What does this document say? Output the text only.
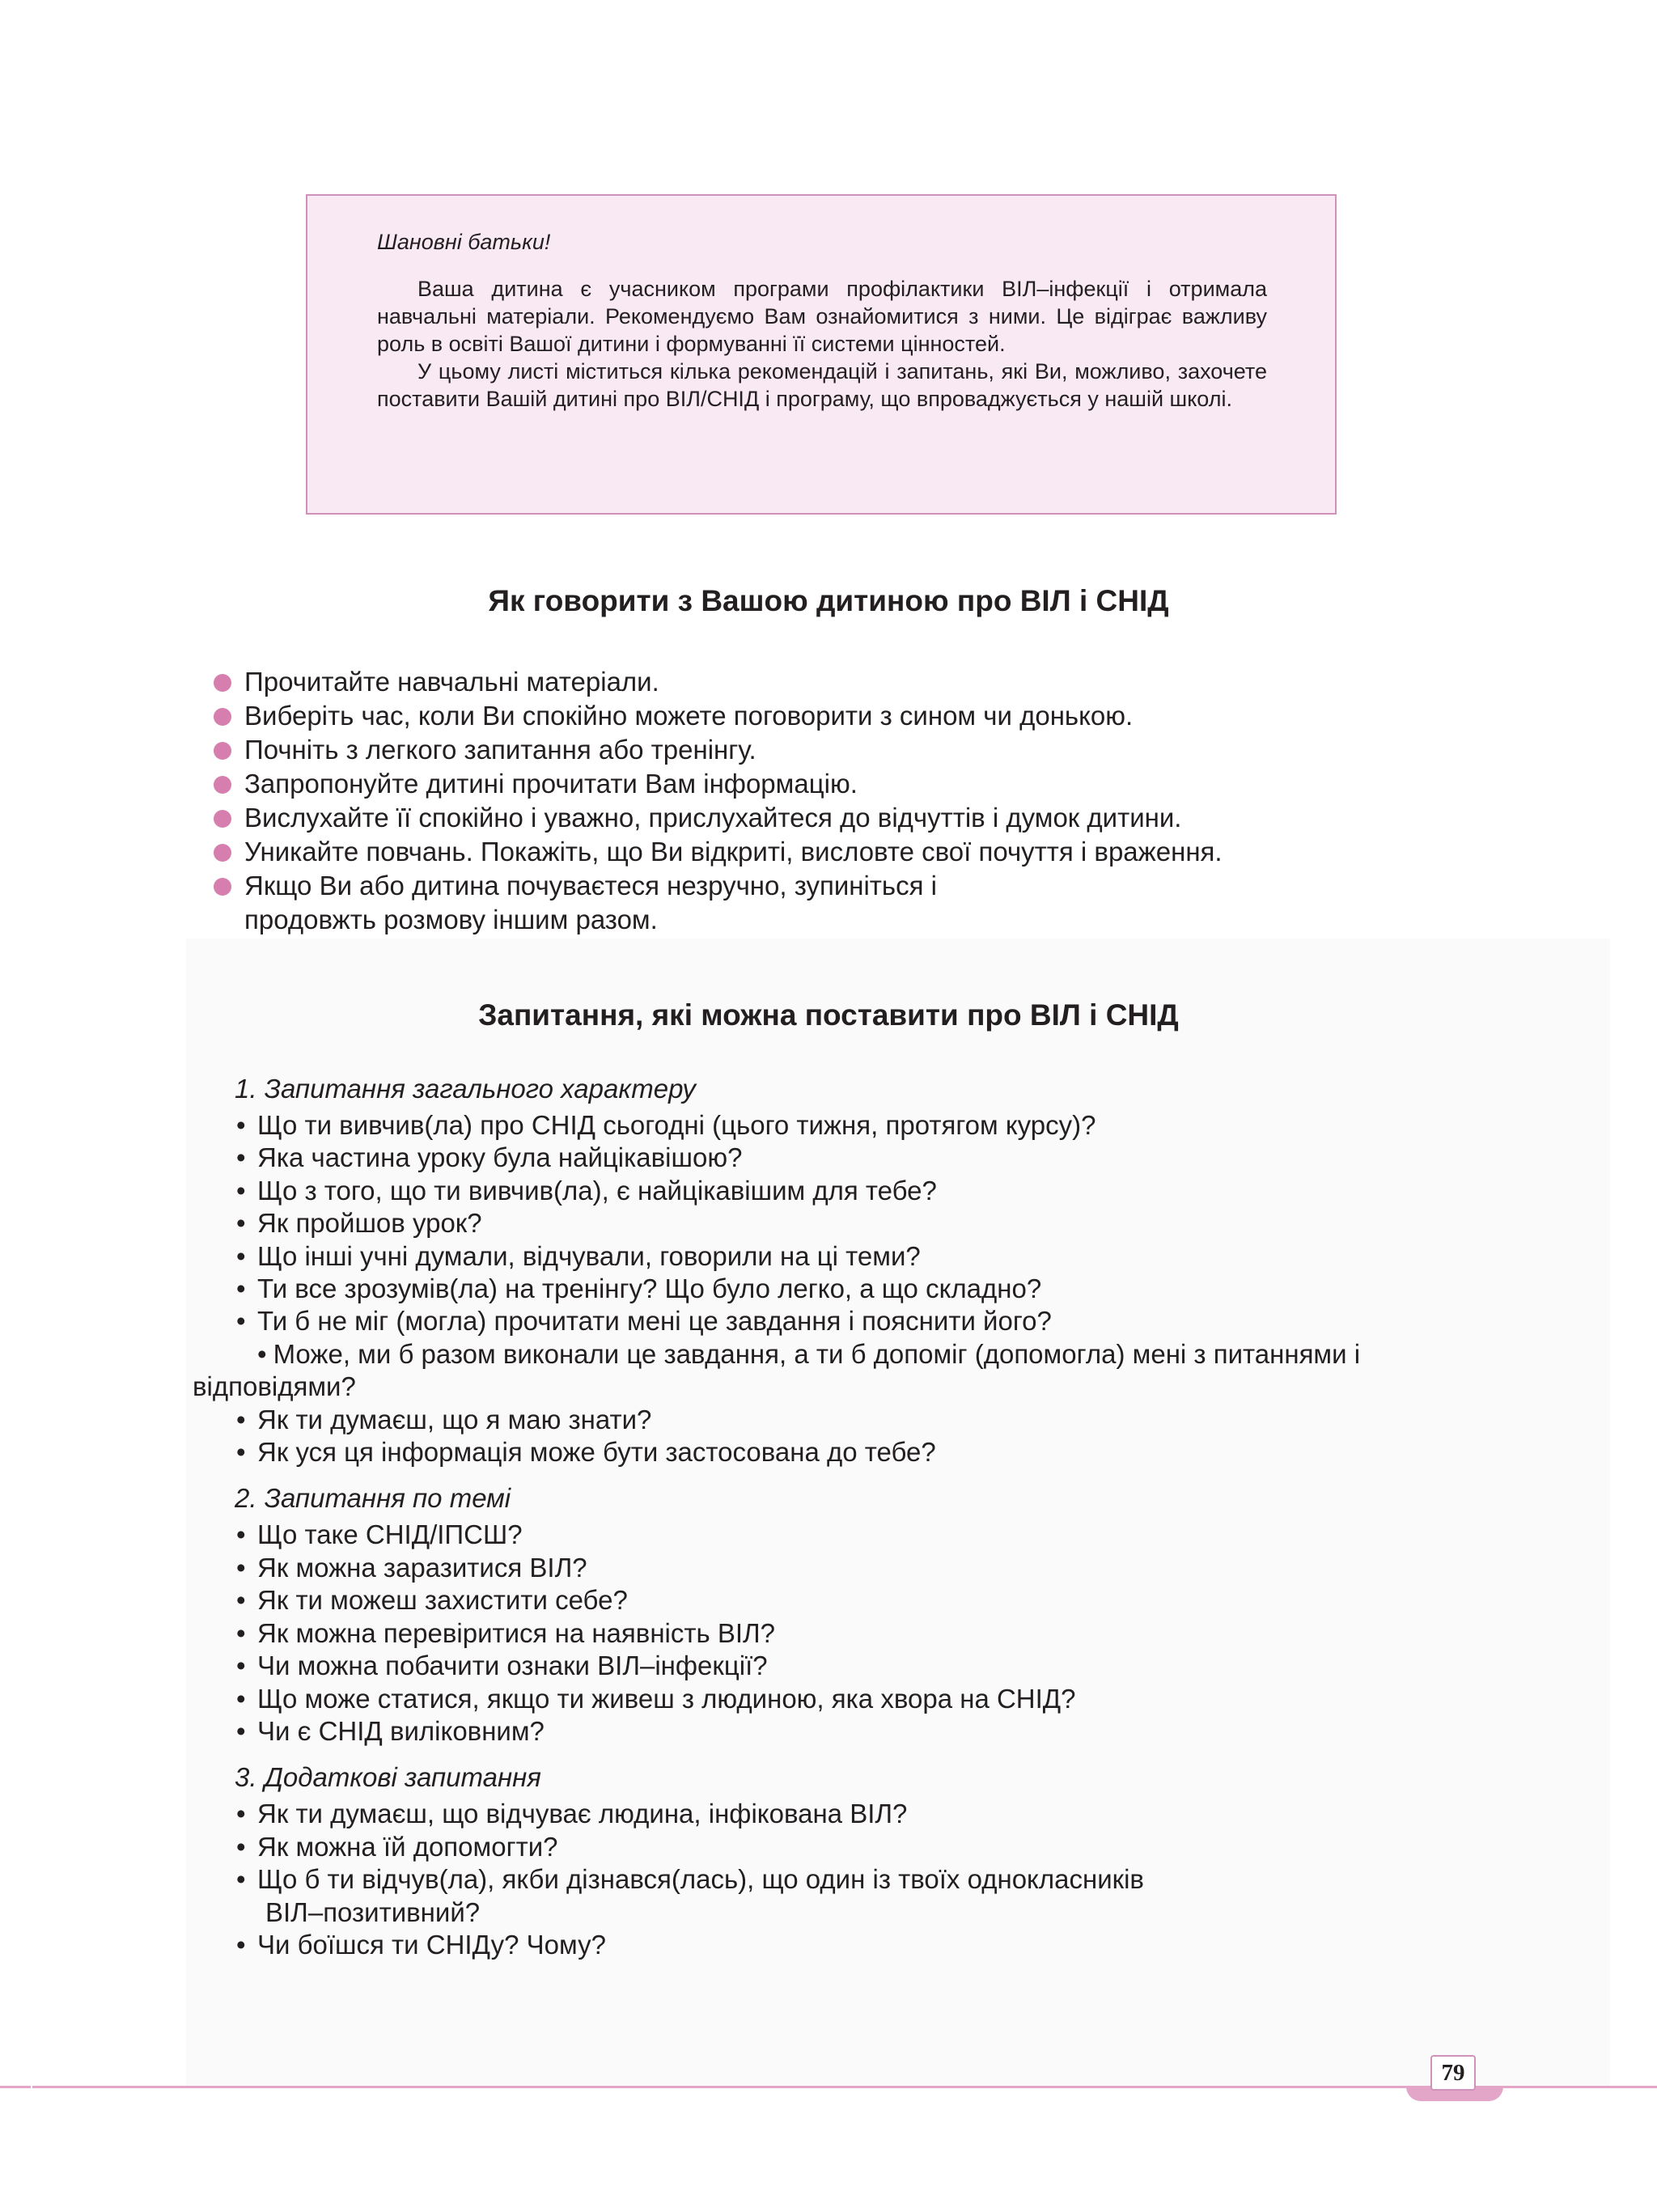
Шановні батьки!

Ваша дитина є учасником програми профілактики ВІЛ–інфекції і отримала навчальні матеріали. Рекомендуємо Вам ознайомитися з ними. Це відіграє важливу роль в освіті Вашої дитини і формуванні її системи цінностей.

У цьому листі міститься кілька рекомендацій і запитань, які Ви, можливо, захочете поставити Вашій дитині про ВІЛ/СНІД і програму, що впроваджується у нашій школі.

Як говорити з Вашою дитиною про ВІЛ і СНІД
Прочитайте навчальні матеріали.
Виберіть час, коли Ви спокійно можете поговорити з сином чи донькою.
Почніть з легкого запитання або тренінгу.
Запропонуйте дитині прочитати Вам інформацію.
Вислухайте її спокійно і уважно, прислухайтеся до відчуттів і думок дитини.
Уникайте повчань. Покажіть, що Ви відкриті, висловте свої почуття і враження.
Якщо Ви або дитина почуваєтеся незручно, зупиніться і продовжть розмову іншим разом.
Запитання, які можна поставити про ВІЛ і СНІД

1. Запитання загального характеру

• Що ти вивчив(ла) про СНІД сьогодні (цього тижня, протягом курсу)?
• Яка частина уроку була найцікавішою?
• Що з того, що ти вивчив(ла), є найцікавішим для тебе?
• Як пройшов урок?
• Що інші учні думали, відчували, говорили на ці теми?
• Ти все зрозумів(ла) на тренінгу? Що було легко, а що складно?
• Ти б не міг (могла) прочитати мені це завдання і пояснити його?
• Може, ми б разом виконали це завдання, а ти б допоміг (допомогла) мені з питаннями і відповідями?
• Як ти думаєш, що я маю знати?
• Як уся ця інформація може бути застосована до тебе?

2. Запитання по темі

• Що таке СНІД/ІПСШ?
• Як можна заразитися ВІЛ?
• Як ти можеш захистити себе?
• Як можна перевіритися на наявність ВІЛ?
• Чи можна побачити ознаки ВІЛ–інфекції?
• Що може статися, якщо ти живеш з людиною, яка хвора на СНІД?
• Чи є СНІД виліковним?

3. Додаткові запитання

• Як ти думаєш, що відчуває людина, інфікована ВІЛ?
• Як можна їй допомогти?
• Що б ти відчув(ла), якби дізнався(лась), що один із твоїх однокласників
ВІЛ–позитивний?
• Чи боїшся ти СНІДу? Чому?
79
